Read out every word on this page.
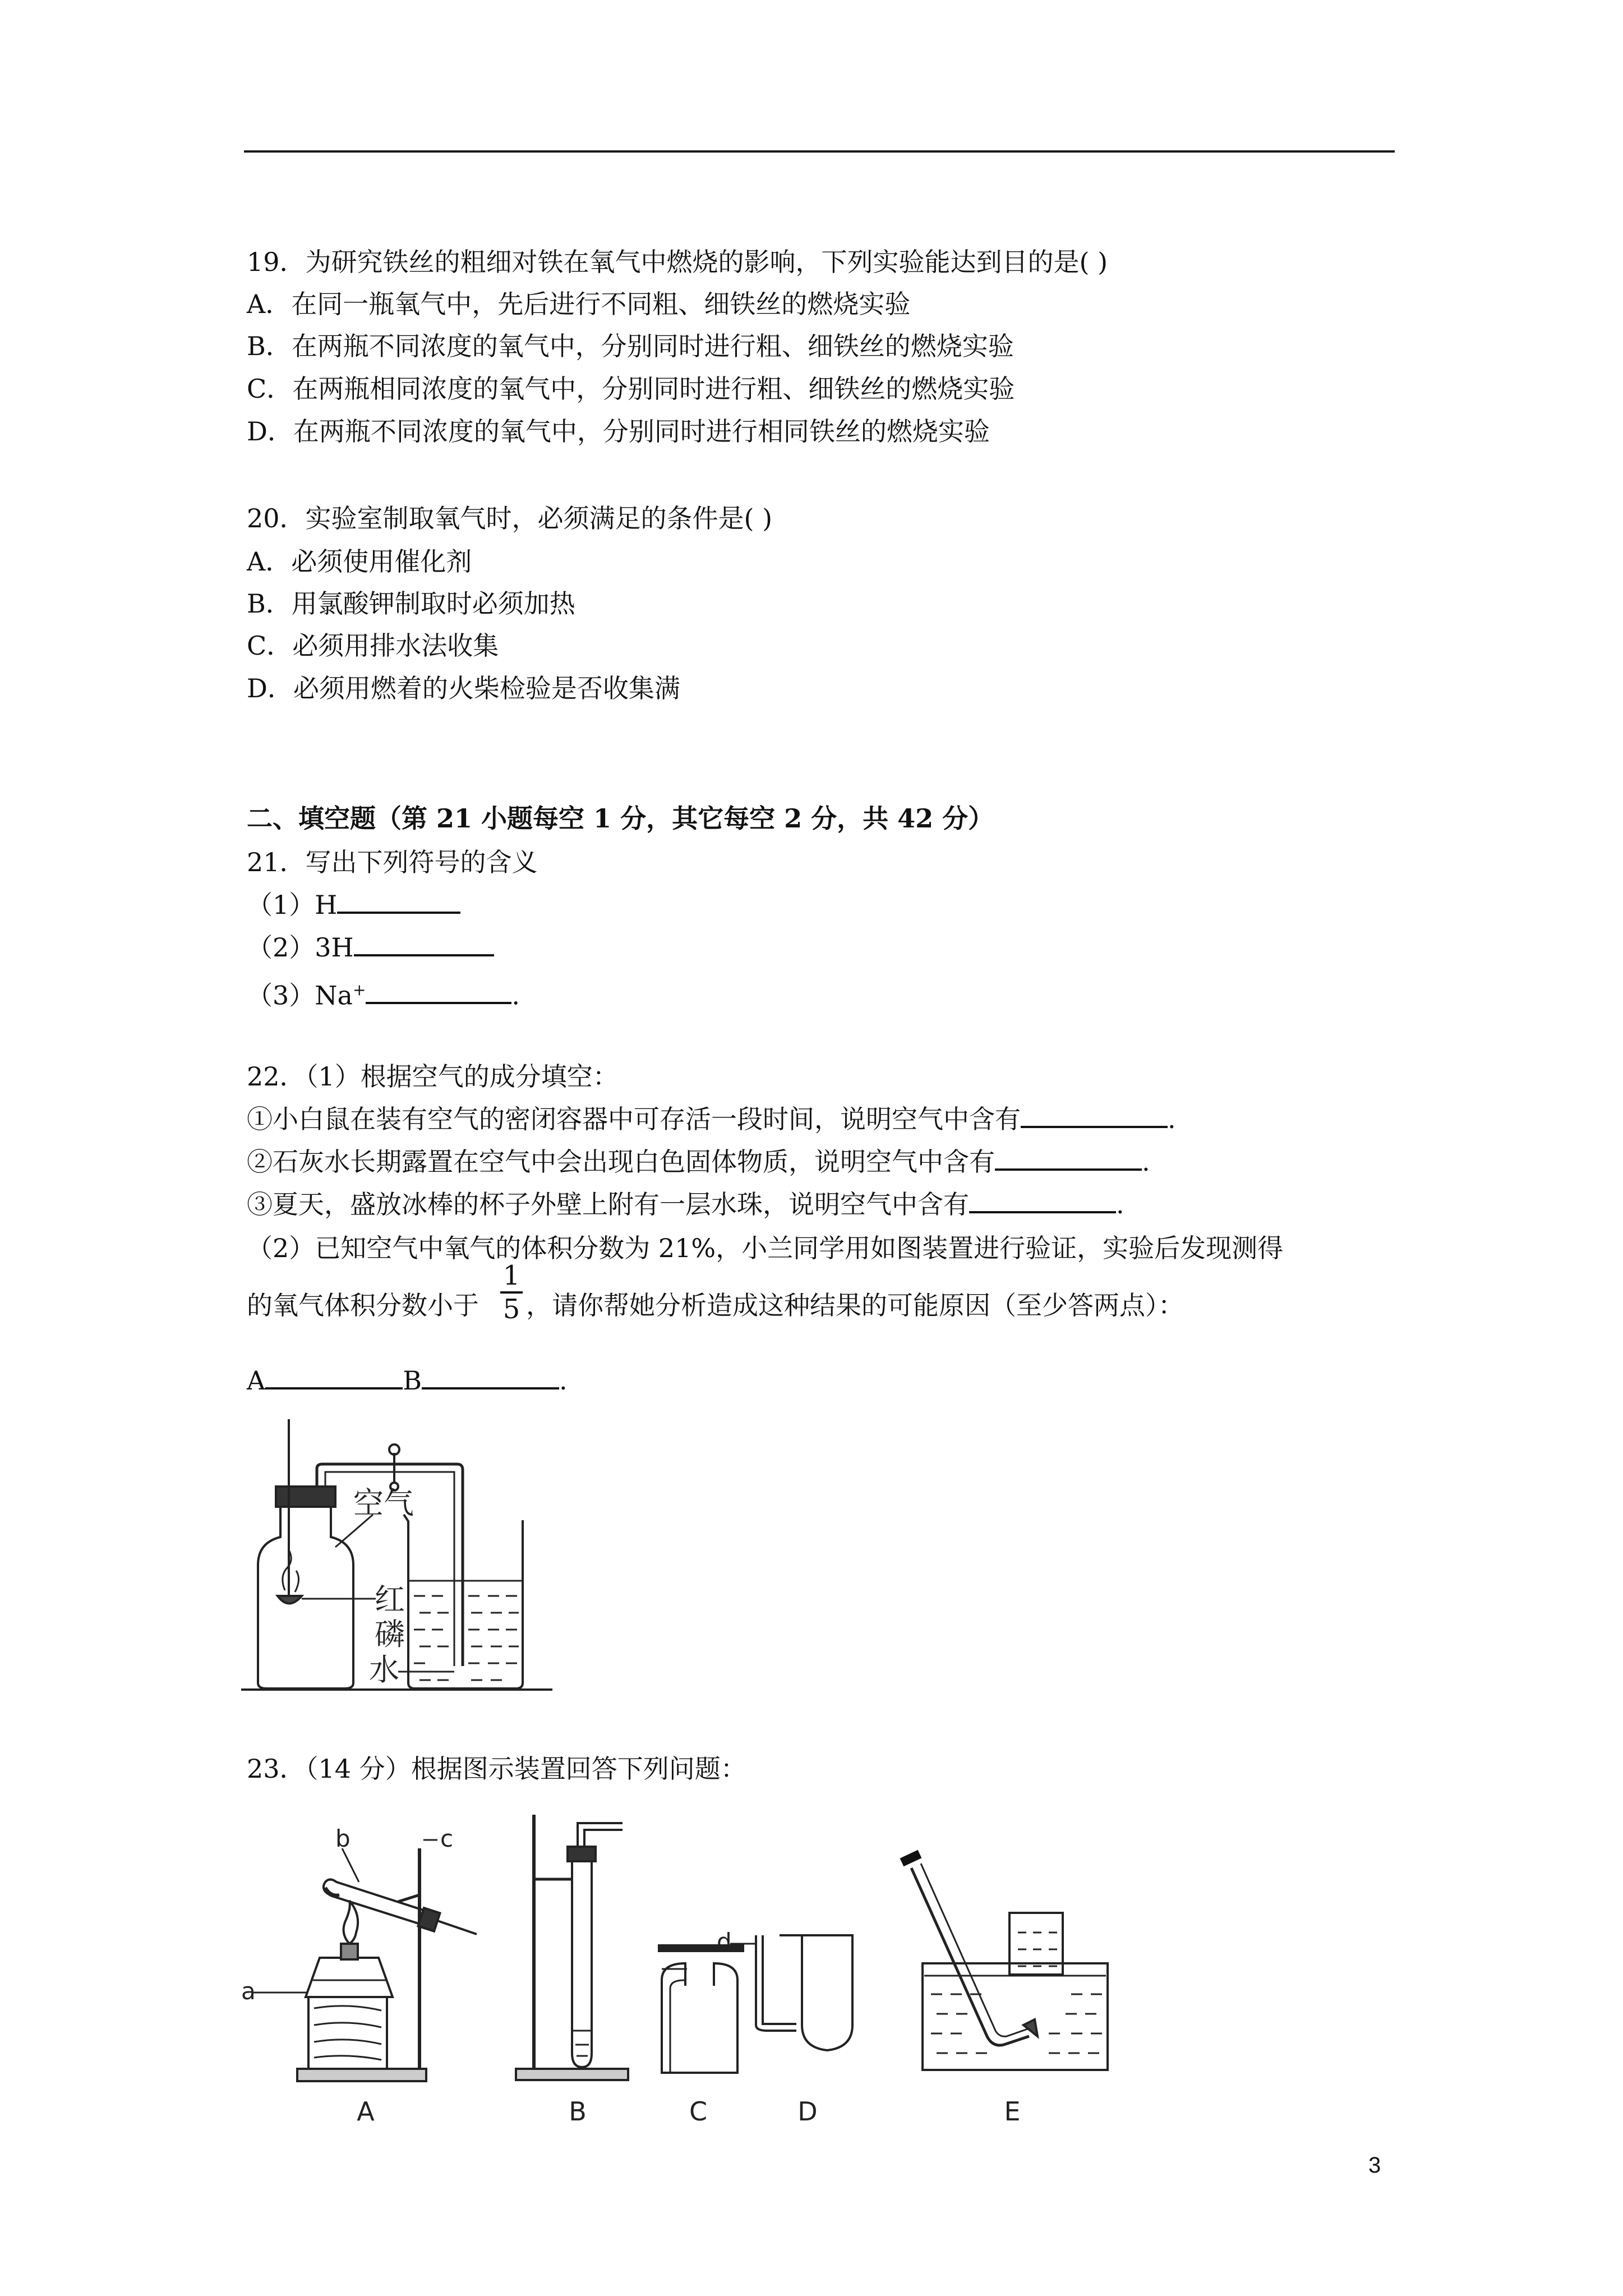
19．为研究铁丝的粗细对铁在氧气中燃烧的影响，下列实验能达到目的是( )
A．在同一瓶氧气中，先后进行不同粗、细铁丝的燃烧实验
B．在两瓶不同浓度的氧气中，分别同时进行粗、细铁丝的燃烧实验
C．在两瓶相同浓度的氧气中，分别同时进行粗、细铁丝的燃烧实验
D．在两瓶不同浓度的氧气中，分别同时进行相同铁丝的燃烧实验
20．实验室制取氧气时，必须满足的条件是( )
A．必须使用催化剂
B．用氯酸钾制取时必须加热
C．必须用排水法收集
D．必须用燃着的火柴检验是否收集满
二、填空题（第 21 小题每空 1 分，其它每空 2 分，共 42 分）
21．写出下列符号的含义
（1）H
（2）3H
（3）Na+	.
22．（1）根据空气的成分填空：
①小白鼠在装有空气的密闭容器中可存活一段时间，说明空气中含有	.
②石灰水长期露置在空气中会出现白色固体物质，说明空气中含有	.
③夏天，盛放冰棒的杯子外壁上附有一层水珠，说明空气中含有	.
（2）已知空气中氧气的体积分数为 21%，小兰同学用如图装置进行验证，实验后发现测得
的氧气体积分数小于
1
5 ，请你帮她分析造成这种结果的可能原因（至少答两点）：
A	B	.
空气
红
磷
水
23．（14 分）根据图示装置回答下列问题：
a
b	c
d
A	B	C	D	E
3
